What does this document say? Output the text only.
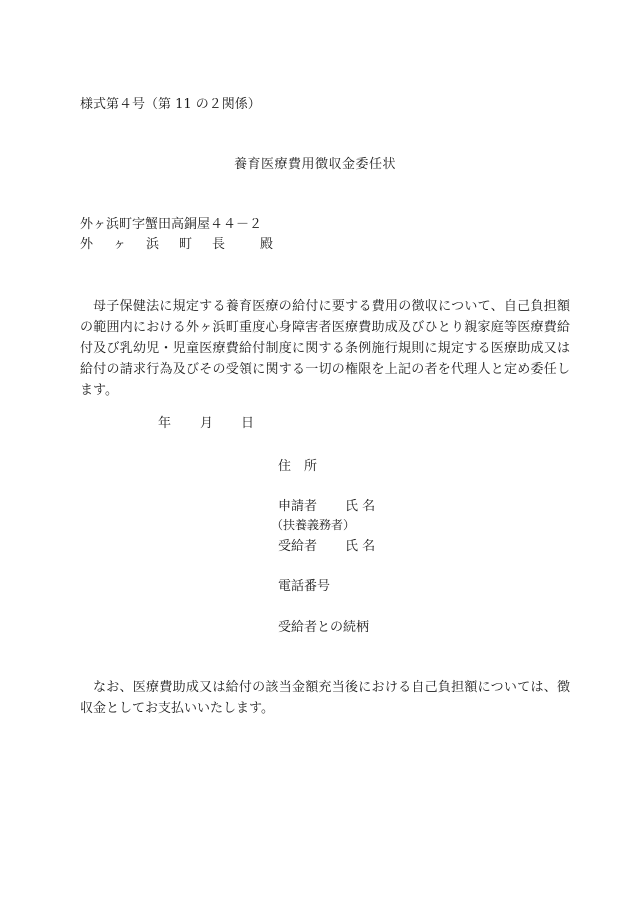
様式第４号（第 11 の２関係）
養育医療費用徴収金委任状
外ヶ浜町字蟹田高銅屋４４－２
外 ヶ 浜 町 長	殿
母子保健法に規定する養育医療の給付に要する費用の徴収について、自己負担額の範囲内における外ヶ浜町重度心身障害者医療費助成及びひとり親家庭等医療費給付及び乳幼児・児童医療費給付制度に関する条例施行規則に規定する医療助成又は給付の請求行為及びその受領に関する一切の権限を上記の者を代理人と定め委任します。
年 月 日
住　所
申請者 氏 名
（扶養義務者）
受給者 氏 名
電話番号
受給者との続柄
なお、医療費助成又は給付の該当金額充当後における自己負担額については、徴収金としてお支払いいたします。
